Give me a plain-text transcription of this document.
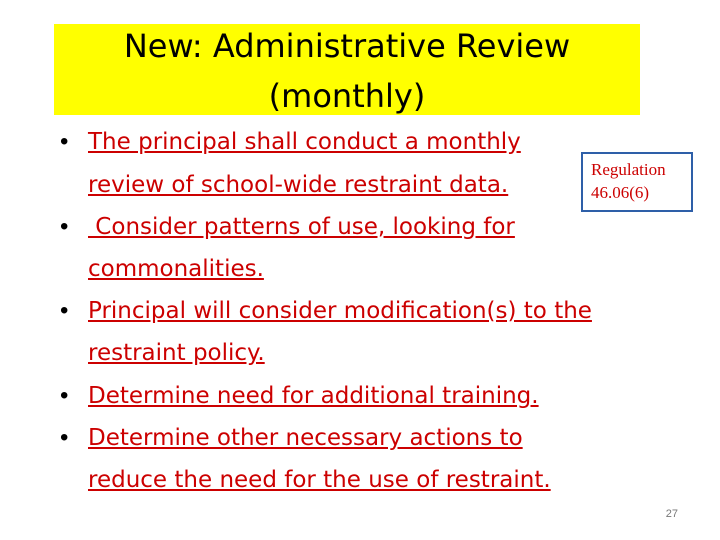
New: Administrative Review
(monthly)
Regulation
46.06(6)
• The principal shall conduct a monthly
review of school-wide restraint data.
• Consider patterns of use, looking for
commonalities.
• Principal will consider modification(s) to the
restraint policy.
• Determine need for additional training.
• Determine other necessary actions to
reduce the need for the use of restraint.
27
